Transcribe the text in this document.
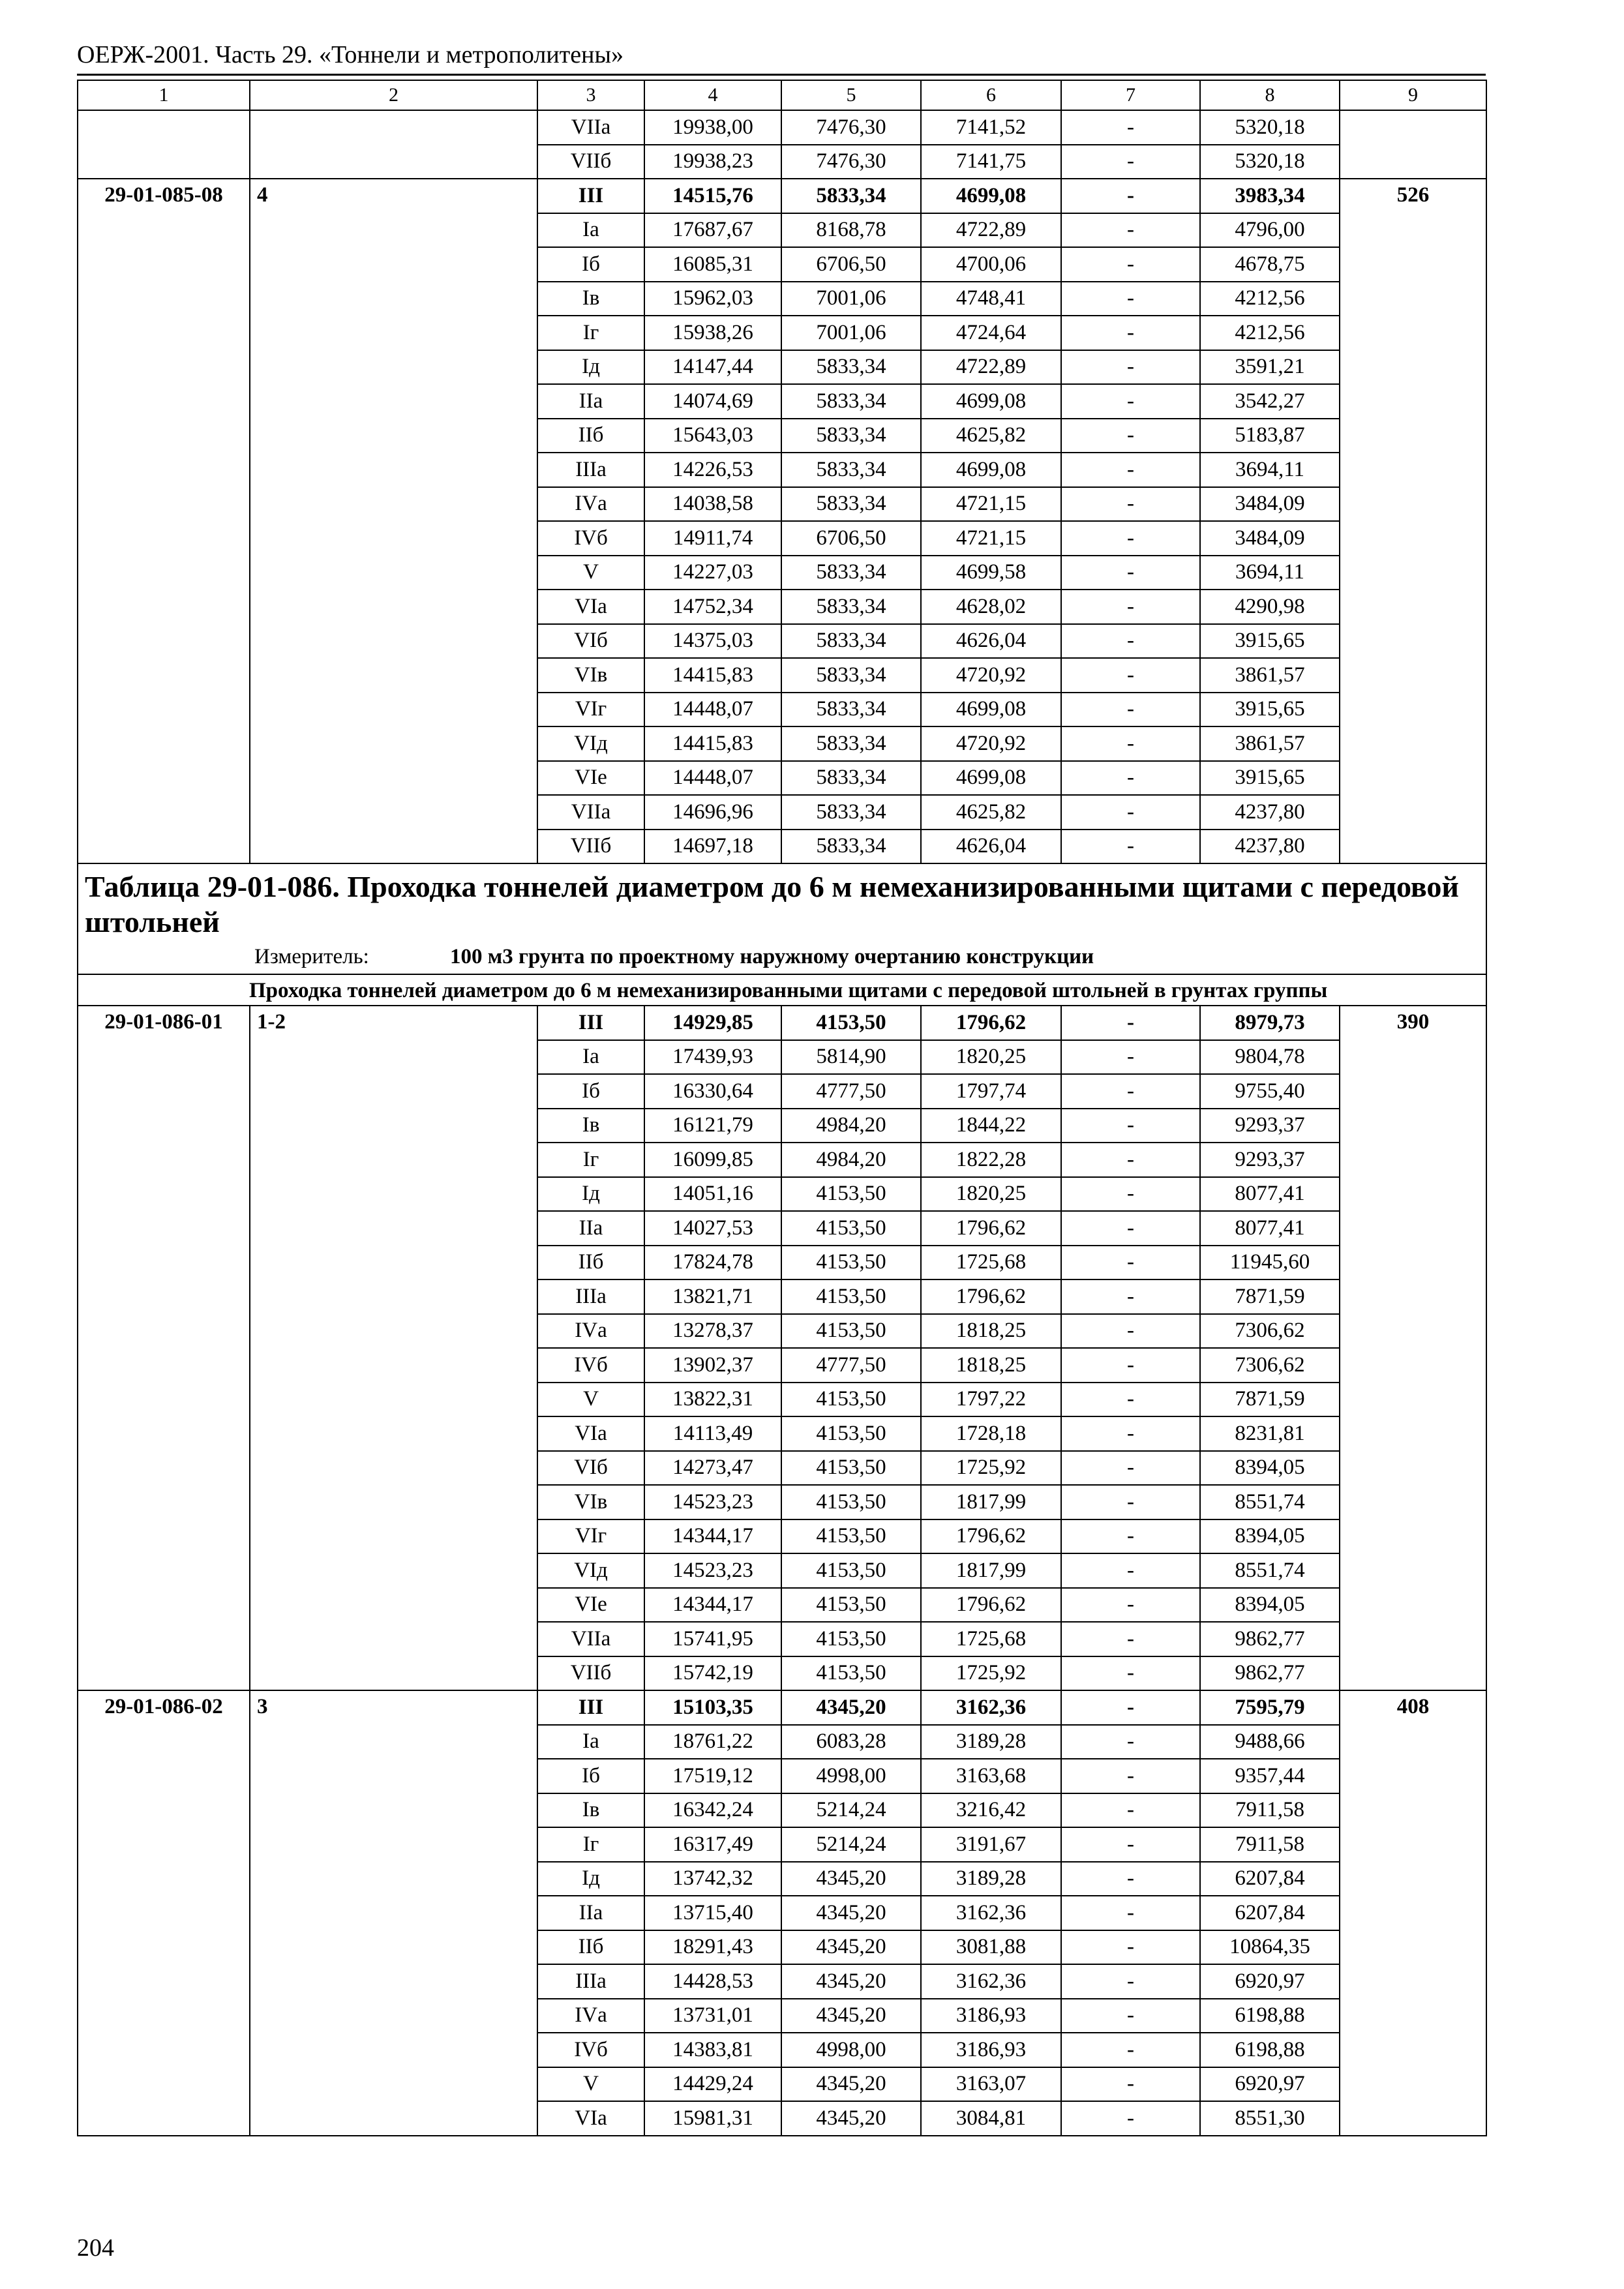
ОЕРЖ-2001. Часть 29. «Тоннели и метрополитены»
1	2	3	4	5	6	7	8	9
		VIIа	19938,00	7476,30	7141,52	-	5320,18	
		VIIб	19938,23	7476,30	7141,75	-	5320,18	
29-01-085-08	4	III	14515,76	5833,34	4699,08	-	3983,34	526
		Iа	17687,67	8168,78	4722,89	-	4796,00	
		Iб	16085,31	6706,50	4700,06	-	4678,75	
		Iв	15962,03	7001,06	4748,41	-	4212,56	
		Iг	15938,26	7001,06	4724,64	-	4212,56	
		Iд	14147,44	5833,34	4722,89	-	3591,21	
		IIа	14074,69	5833,34	4699,08	-	3542,27	
		IIб	15643,03	5833,34	4625,82	-	5183,87	
		IIIа	14226,53	5833,34	4699,08	-	3694,11	
		IVа	14038,58	5833,34	4721,15	-	3484,09	
		IVб	14911,74	6706,50	4721,15	-	3484,09	
		V	14227,03	5833,34	4699,58	-	3694,11	
		VIа	14752,34	5833,34	4628,02	-	4290,98	
		VIб	14375,03	5833,34	4626,04	-	3915,65	
		VIв	14415,83	5833,34	4720,92	-	3861,57	
		VIг	14448,07	5833,34	4699,08	-	3915,65	
		VIд	14415,83	5833,34	4720,92	-	3861,57	
		VIе	14448,07	5833,34	4699,08	-	3915,65	
		VIIа	14696,96	5833,34	4625,82	-	4237,80	
		VIIб	14697,18	5833,34	4626,04	-	4237,80	

Таблица 29-01-086. Проходка тоннелей диаметром до 6 м немеханизированными щитами с передовой штольней
Измеритель: 100 м3 грунта по проектному наружному очертанию конструкции								

Проходка тоннелей диаметром до 6 м немеханизированными щитами с передовой штольней в грунтах группы								
29-01-086-01	1-2	III	14929,85	4153,50	1796,62	-	8979,73	390
		Iа	17439,93	5814,90	1820,25	-	9804,78	
		Iб	16330,64	4777,50	1797,74	-	9755,40	
		Iв	16121,79	4984,20	1844,22	-	9293,37	
		Iг	16099,85	4984,20	1822,28	-	9293,37	
		Iд	14051,16	4153,50	1820,25	-	8077,41	
		IIа	14027,53	4153,50	1796,62	-	8077,41	
		IIб	17824,78	4153,50	1725,68	-	11945,60	
		IIIа	13821,71	4153,50	1796,62	-	7871,59	
		IVа	13278,37	4153,50	1818,25	-	7306,62	
		IVб	13902,37	4777,50	1818,25	-	7306,62	
		V	13822,31	4153,50	1797,22	-	7871,59	
		VIа	14113,49	4153,50	1728,18	-	8231,81	
		VIб	14273,47	4153,50	1725,92	-	8394,05	
		VIв	14523,23	4153,50	1817,99	-	8551,74	
		VIг	14344,17	4153,50	1796,62	-	8394,05	
		VIд	14523,23	4153,50	1817,99	-	8551,74	
		VIе	14344,17	4153,50	1796,62	-	8394,05	
		VIIа	15741,95	4153,50	1725,68	-	9862,77	
		VIIб	15742,19	4153,50	1725,92	-	9862,77	
29-01-086-02	3	III	15103,35	4345,20	3162,36	-	7595,79	408
		Iа	18761,22	6083,28	3189,28	-	9488,66	
		Iб	17519,12	4998,00	3163,68	-	9357,44	
		Iв	16342,24	5214,24	3216,42	-	7911,58	
		Iг	16317,49	5214,24	3191,67	-	7911,58	
		Iд	13742,32	4345,20	3189,28	-	6207,84	
		IIа	13715,40	4345,20	3162,36	-	6207,84	
		IIб	18291,43	4345,20	3081,88	-	10864,35	
		IIIа	14428,53	4345,20	3162,36	-	6920,97	
		IVа	13731,01	4345,20	3186,93	-	6198,88	
		IVб	14383,81	4998,00	3186,93	-	6198,88	
		V	14429,24	4345,20	3163,07	-	6920,97	
		VIа	15981,31	4345,20	3084,81	-	8551,30	
204
